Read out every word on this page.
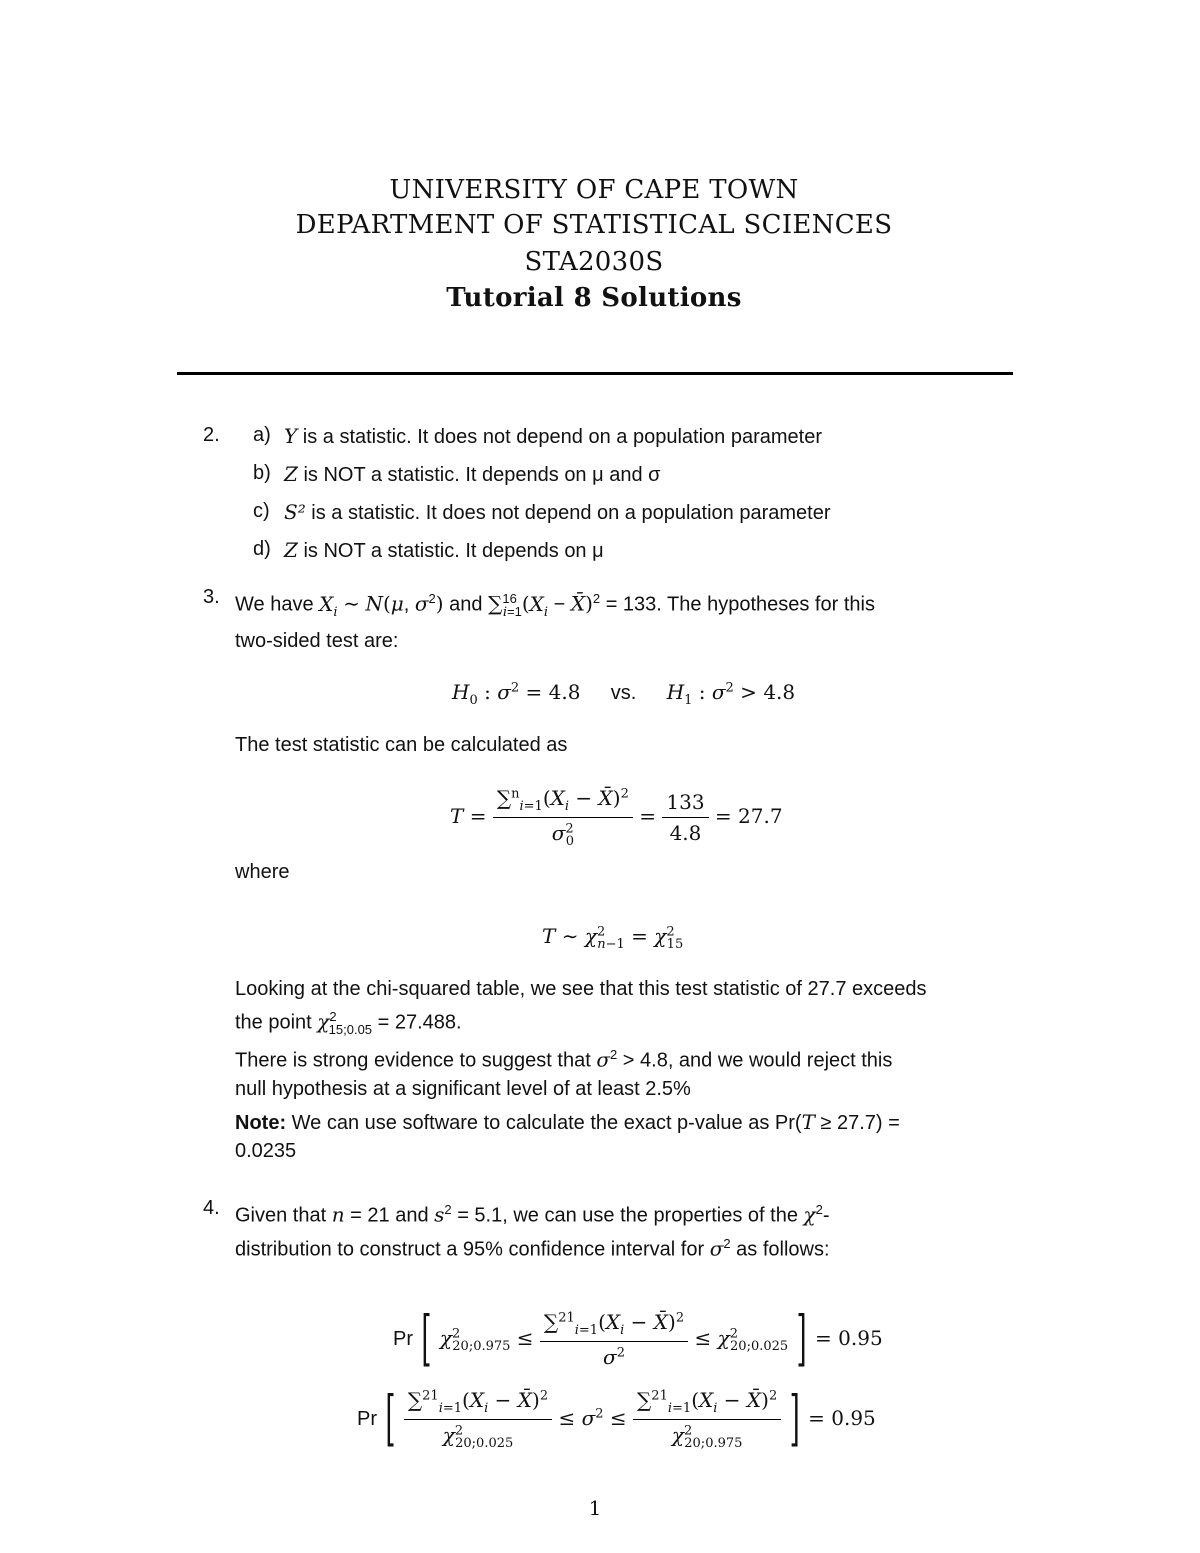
UNIVERSITY OF CAPE TOWN
DEPARTMENT OF STATISTICAL SCIENCES
STA2030S
Tutorial 8 Solutions
2. a) Y is a statistic. It does not depend on a population parameter
b) Z is NOT a statistic. It depends on μ and σ
c) S² is a statistic. It does not depend on a population parameter
d) Z is NOT a statistic. It depends on μ
3. We have $X_i$ ∼ N(μ, $\sigma^2$) and $\sum^{16}_{i=1}(X_i$ − X̄)$^2$ = 133. The hypotheses for this
two-sided test are:
$H_0$ : $\sigma^2 = 4.8$ vs. $H_1$ : $\sigma^2 > 4.8$
The test statistic can be calculated as
$T = \frac{\sum^n_{i=1}(X_i - X̄)^2}{\sigma^2_0} = \frac{133}{4.8} = 27.7$
where
T ∼ $\chi^2_{n-1} = \chi^2_{15}$
Looking at the chi-squared table, we see that this test statistic of 27.7 exceeds
the point $\chi^2_{15;0.05} = 27.488$.
There is strong evidence to suggest that $\sigma^2 > 4.8$, and we would reject this
null hypothesis at a significant level of at least 2.5%
Note: We can use software to calculate the exact p-value as Pr(T ≥ 27.7) =
0.0235
4. Given that n = 21 and $s^2 = 5.1$, we can use the properties of the $\chi^2-$
distribution to construct a 95% confidence interval for $\sigma^2$ as follows:
Pr [ $\chi^2_{20;0.975} \le \frac{\sum^{21}_{i=1}(X_i - X̄)^2}{\sigma^2} \le \chi^2_{20;0.025}$ ] = 0.95
Pr [ $\frac{\sum^{21}_{i=1}(X_i - X̄)^2}{\chi^2_{20;0.025}} \le \sigma^2 \le \frac{\sum^{21}_{i=1}(X_i - X̄)^2}{\chi^2_{20;0.975}}$ ] = 0.95
1
